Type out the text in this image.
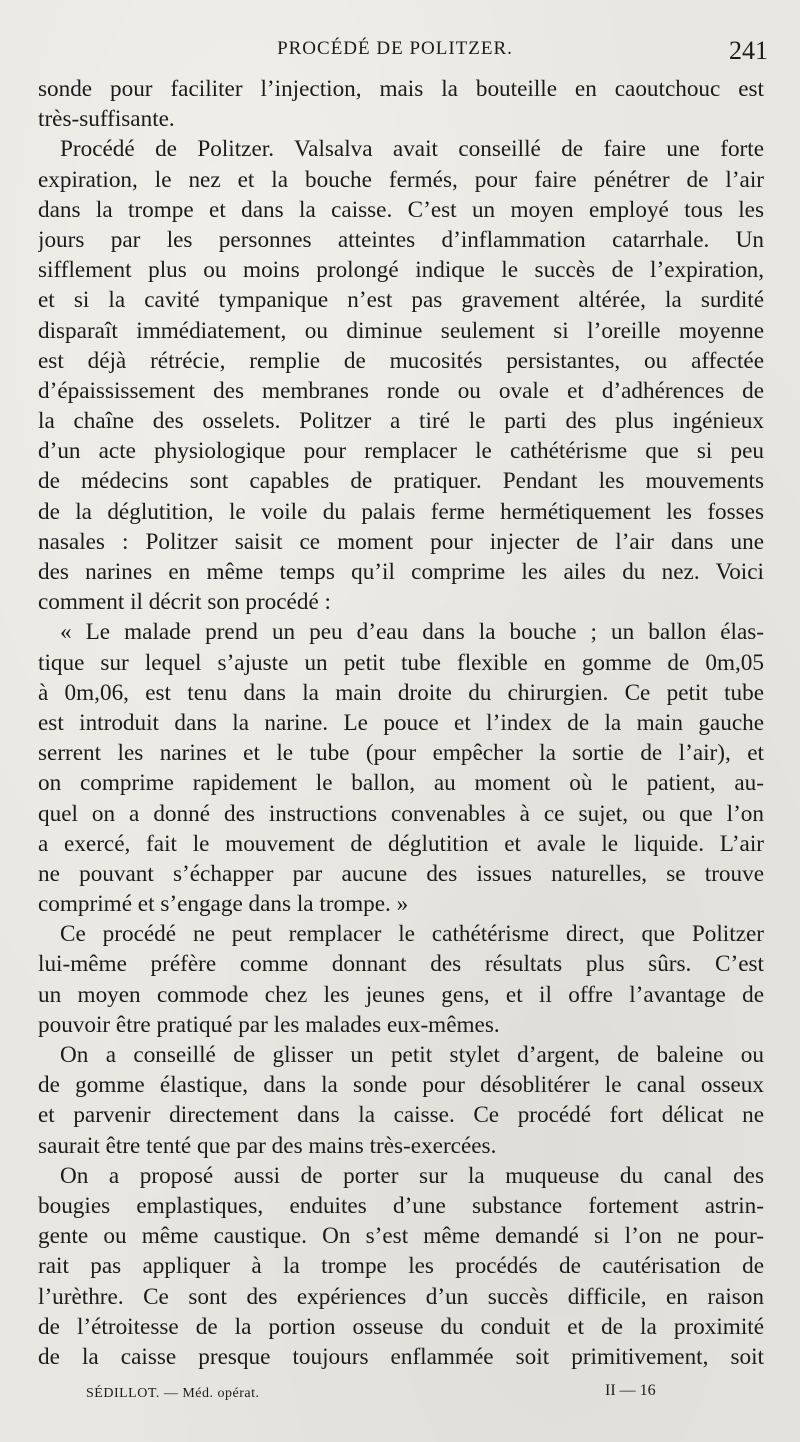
PROCÉDÉ DE POLITZER.	241
sonde pour faciliter l’injection, mais la bouteille en caoutchouc est
très-suffisante.
Procédé de Politzer. Valsalva avait conseillé de faire une forte
expiration, le nez et la bouche fermés, pour faire pénétrer de l’air
dans la trompe et dans la caisse. C’est un moyen employé tous les
jours par les personnes atteintes d’inflammation catarrhale. Un
sifflement plus ou moins prolongé indique le succès de l’expiration,
et si la cavité tympanique n’est pas gravement altérée, la surdité
disparaît immédiatement, ou diminue seulement si l’oreille moyenne
est déjà rétrécie, remplie de mucosités persistantes, ou affectée
d’épaississement des membranes ronde ou ovale et d’adhérences de
la chaîne des osselets. Politzer a tiré le parti des plus ingénieux
d’un acte physiologique pour remplacer le cathétérisme que si peu
de médecins sont capables de pratiquer. Pendant les mouvements
de la déglutition, le voile du palais ferme hermétiquement les fosses
nasales : Politzer saisit ce moment pour injecter de l’air dans une
des narines en même temps qu’il comprime les ailes du nez. Voici
comment il décrit son procédé :
« Le malade prend un peu d’eau dans la bouche ; un ballon élas-
tique sur lequel s’ajuste un petit tube flexible en gomme de 0m,05
à 0m,06, est tenu dans la main droite du chirurgien. Ce petit tube
est introduit dans la narine. Le pouce et l’index de la main gauche
serrent les narines et le tube (pour empêcher la sortie de l’air), et
on comprime rapidement le ballon, au moment où le patient, au-
quel on a donné des instructions convenables à ce sujet, ou que l’on
a exercé, fait le mouvement de déglutition et avale le liquide. L’air
ne pouvant s’échapper par aucune des issues naturelles, se trouve
comprimé et s’engage dans la trompe. »
Ce procédé ne peut remplacer le cathétérisme direct, que Politzer
lui-même préfère comme donnant des résultats plus sûrs. C’est
un moyen commode chez les jeunes gens, et il offre l’avantage de
pouvoir être pratiqué par les malades eux-mêmes.
On a conseillé de glisser un petit stylet d’argent, de baleine ou
de gomme élastique, dans la sonde pour désoblitérer le canal osseux
et parvenir directement dans la caisse. Ce procédé fort délicat ne
saurait être tenté que par des mains très-exercées.
On a proposé aussi de porter sur la muqueuse du canal des
bougies emplastiques, enduites d’une substance fortement astrin-
gente ou même caustique. On s’est même demandé si l’on ne pour-
rait pas appliquer à la trompe les procédés de cautérisation de
l’urèthre. Ce sont des expériences d’un succès difficile, en raison
de l’étroitesse de la portion osseuse du conduit et de la proximité
de la caisse presque toujours enflammée soit primitivement, soit
SÉDILLOT. — Méd. opérat.	II — 16
